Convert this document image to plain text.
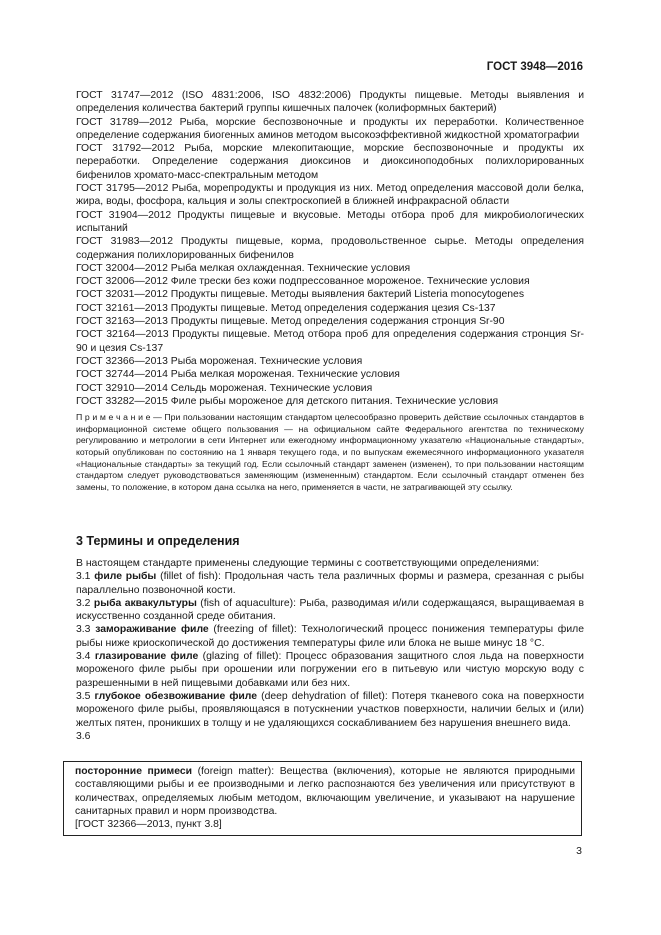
ГОСТ 3948—2016
ГОСТ 31747—2012 (ISO 4831:2006, ISO 4832:2006) Продукты пищевые. Методы выявления и определения количества бактерий группы кишечных палочек (колиформных бактерий)
ГОСТ 31789—2012 Рыба, морские беспозвоночные и продукты их переработки. Количественное определение содержания биогенных аминов методом высокоэффективной жидкостной хроматографии
ГОСТ 31792—2012 Рыба, морские млекопитающие, морские беспозвоночные и продукты их переработки. Определение содержания диоксинов и диоксиноподобных полихлорированных бифенилов хромато-масс-спектральным методом
ГОСТ 31795—2012 Рыба, морепродукты и продукция из них. Метод определения массовой доли белка, жира, воды, фосфора, кальция и золы спектроскопией в ближней инфракрасной области
ГОСТ 31904—2012 Продукты пищевые и вкусовые. Методы отбора проб для микробиологических испытаний
ГОСТ 31983—2012 Продукты пищевые, корма, продовольственное сырье. Методы определения содержания полихлорированных бифенилов
ГОСТ 32004—2012 Рыба мелкая охлажденная. Технические условия
ГОСТ 32006—2012 Филе трески без кожи подпрессованное мороженое. Технические условия
ГОСТ 32031—2012 Продукты пищевые. Методы выявления бактерий Listeria monocytogenes
ГОСТ 32161—2013 Продукты пищевые. Метод определения содержания цезия Cs-137
ГОСТ 32163—2013 Продукты пищевые. Метод определения содержания стронция Sr-90
ГОСТ 32164—2013 Продукты пищевые. Метод отбора проб для определения содержания стронция Sr-90 и цезия Cs-137
ГОСТ 32366—2013 Рыба мороженая. Технические условия
ГОСТ 32744—2014 Рыба мелкая мороженая. Технические условия
ГОСТ 32910—2014 Сельдь мороженая. Технические условия
ГОСТ 33282—2015 Филе рыбы мороженое для детского питания. Технические условия
П р и м е ч а н и е — При пользовании настоящим стандартом целесообразно проверить действие ссылочных стандартов в информационной системе общего пользования — на официальном сайте Федерального агентства по техническому регулированию и метрологии в сети Интернет или ежегодному информационному указателю «Национальные стандарты», который опубликован по состоянию на 1 января текущего года, и по выпускам ежемесячного информационного указателя «Национальные стандарты» за текущий год. Если ссылочный стандарт заменен (изменен), то при пользовании настоящим стандартом следует руководствоваться заменяющим (измененным) стандартом. Если ссылочный стандарт отменен без замены, то положение, в котором дана ссылка на него, применяется в части, не затрагивающей эту ссылку.
3 Термины и определения
В настоящем стандарте применены следующие термины с соответствующими определениями:
3.1 филе рыбы (fillet of fish): Продольная часть тела различных формы и размера, срезанная с рыбы параллельно позвоночной кости.
3.2 рыба аквакультуры (fish of aquaculture): Рыба, разводимая и/или содержащаяся, выращиваемая в искусственно созданной среде обитания.
3.3 замораживание филе (freezing of fillet): Технологический процесс понижения температуры филе рыбы ниже криоскопической до достижения температуры филе или блока не выше минус 18 °С.
3.4 глазирование филе (glazing of fillet): Процесс образования защитного слоя льда на поверхности мороженого филе рыбы при орошении или погружении его в питьевую или чистую морскую воду с разрешенными в ней пищевыми добавками или без них.
3.5 глубокое обезвоживание филе (deep dehydration of fillet): Потеря тканевого сока на поверхности мороженого филе рыбы, проявляющаяся в потускнении участков поверхности, наличии белых и (или) желтых пятен, проникших в толщу и не удаляющихся соскабливанием без нарушения внешнего вида.
3.6
посторонние примеси (foreign matter): Вещества (включения), которые не являются природными составляющими рыбы и ее производными и легко распознаются без увеличения или присутствуют в количествах, определяемых любым методом, включающим увеличение, и указывают на нарушение санитарных правил и норм производства.
[ГОСТ 32366—2013, пункт 3.8]
3
